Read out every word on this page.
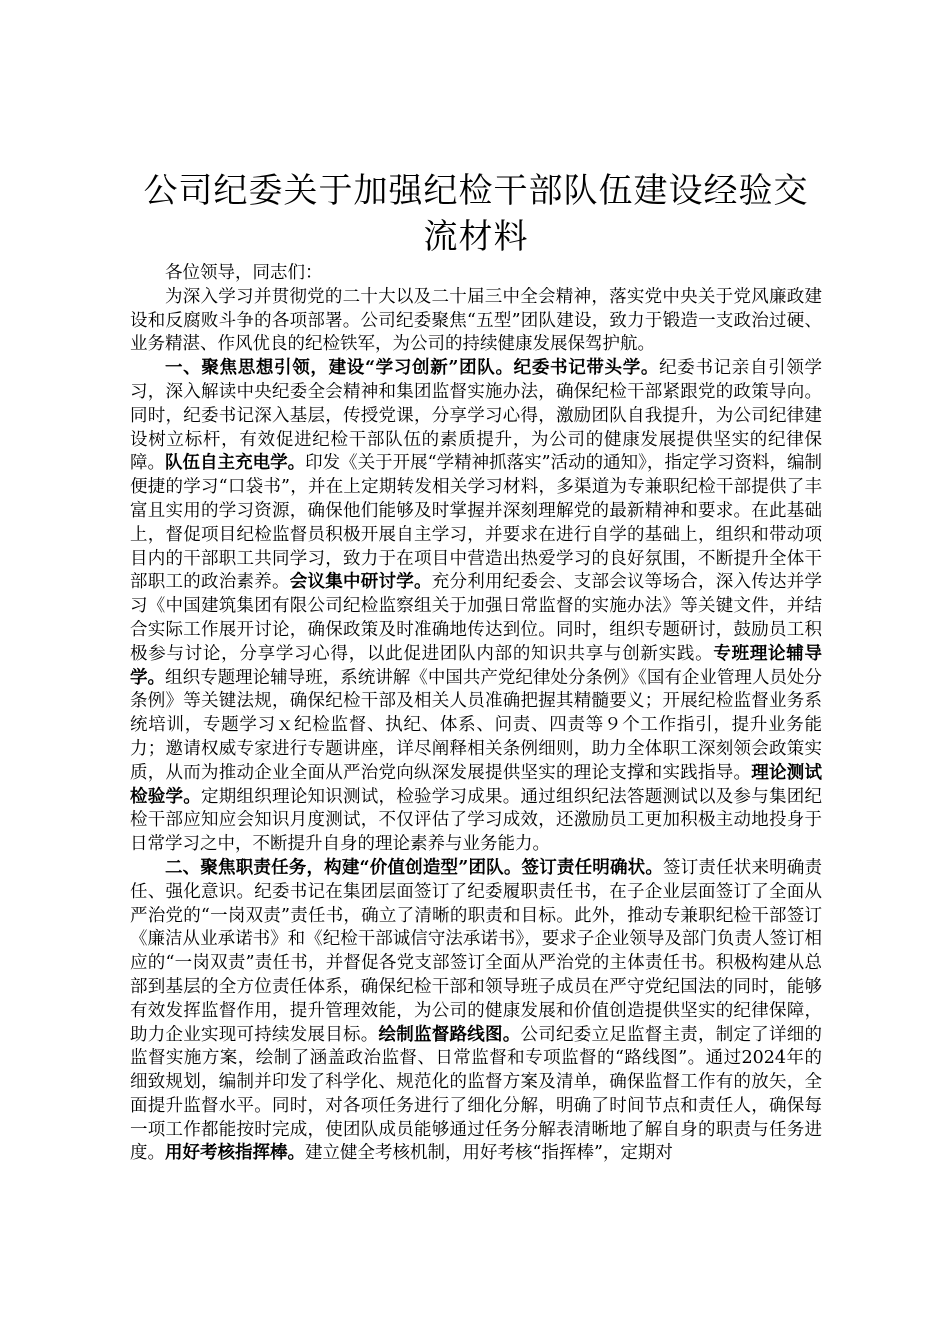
公司纪委关于加强纪检干部队伍建设经验交流材料

各位领导，同志们：

为深入学习并贯彻党的二十大以及二十届三中全会精神，落实党中央关于党风廉政建设和反腐败斗争的各项部署。公司纪委聚焦“五型”团队建设，致力于锻造一支政治过硬、业务精湛、作风优良的纪检铁军，为公司的持续健康发展保驾护航。

一、聚焦思想引领，建设“学习创新”团队。纪委书记带头学。纪委书记亲自引领学习，深入解读中央纪委全会精神和集团监督实施办法，确保纪检干部紧跟党的政策导向。同时，纪委书记深入基层，传授党课，分享学习心得，激励团队自我提升，为公司纪律建设树立标杆，有效促进纪检干部队伍的素质提升，为公司的健康发展提供坚实的纪律保障。队伍自主充电学。印发《关于开展“学精神抓落实”活动的通知》，指定学习资料，编制便捷的学习“口袋书”，并在上定期转发相关学习材料，多渠道为专兼职纪检干部提供了丰富且实用的学习资源，确保他们能够及时掌握并深刻理解党的最新精神和要求。在此基础上，督促项目纪检监督员积极开展自主学习，并要求在进行自学的基础上，组织和带动项目内的干部职工共同学习，致力于在项目中营造出热爱学习的良好氛围，不断提升全体干部职工的政治素养。会议集中研讨学。充分利用纪委会、支部会议等场合，深入传达并学习《中国建筑集团有限公司纪检监察组关于加强日常监督的实施办法》等关键文件，并结合实际工作展开讨论，确保政策及时准确地传达到位。同时，组织专题研讨，鼓励员工积极参与讨论，分享学习心得，以此促进团队内部的知识共享与创新实践。专班理论辅导学。组织专题理论辅导班，系统讲解《中国共产党纪律处分条例》《国有企业管理人员处分条例》等关键法规，确保纪检干部及相关人员准确把握其精髓要义；开展纪检监督业务系统培训，专题学习ｘ纪检监督、执纪、体系、问责、四责等９个工作指引，提升业务能力；邀请权威专家进行专题讲座，详尽阐释相关条例细则，助力全体职工深刻领会政策实质，从而为推动企业全面从严治党向纵深发展提供坚实的理论支撑和实践指导。理论测试检验学。定期组织理论知识测试，检验学习成果。通过组织纪法答题测试以及参与集团纪检干部应知应会知识月度测试，不仅评估了学习成效，还激励员工更加积极主动地投身于日常学习之中，不断提升自身的理论素养与业务能力。

二、聚焦职责任务，构建“价值创造型”团队。签订责任明确状。签订责任状来明确责任、强化意识。纪委书记在集团层面签订了纪委履职责任书，在子企业层面签订了全面从严治党的“一岗双责”责任书，确立了清晰的职责和目标。此外，推动专兼职纪检干部签订《廉洁从业承诺书》和《纪检干部诚信守法承诺书》，要求子企业领导及部门负责人签订相应的“一岗双责”责任书，并督促各党支部签订全面从严治党的主体责任书。积极构建从总部到基层的全方位责任体系，确保纪检干部和领导班子成员在严守党纪国法的同时，能够有效发挥监督作用，提升管理效能，为公司的健康发展和价值创造提供坚实的纪律保障，助力企业实现可持续发展目标。绘制监督路线图。公司纪委立足监督主责，制定了详细的监督实施方案，绘制了涵盖政治监督、日常监督和专项监督的“路线图”。通过2024年的细致规划，编制并印发了科学化、规范化的监督方案及清单，确保监督工作有的放矢，全面提升监督水平。同时，对各项任务进行了细化分解，明确了时间节点和责任人，确保每一项工作都能按时完成，使团队成员能够通过任务分解表清晰地了解自身的职责与任务进度。用好考核指挥棒。建立健全考核机制，用好考核“指挥棒”，定期对
